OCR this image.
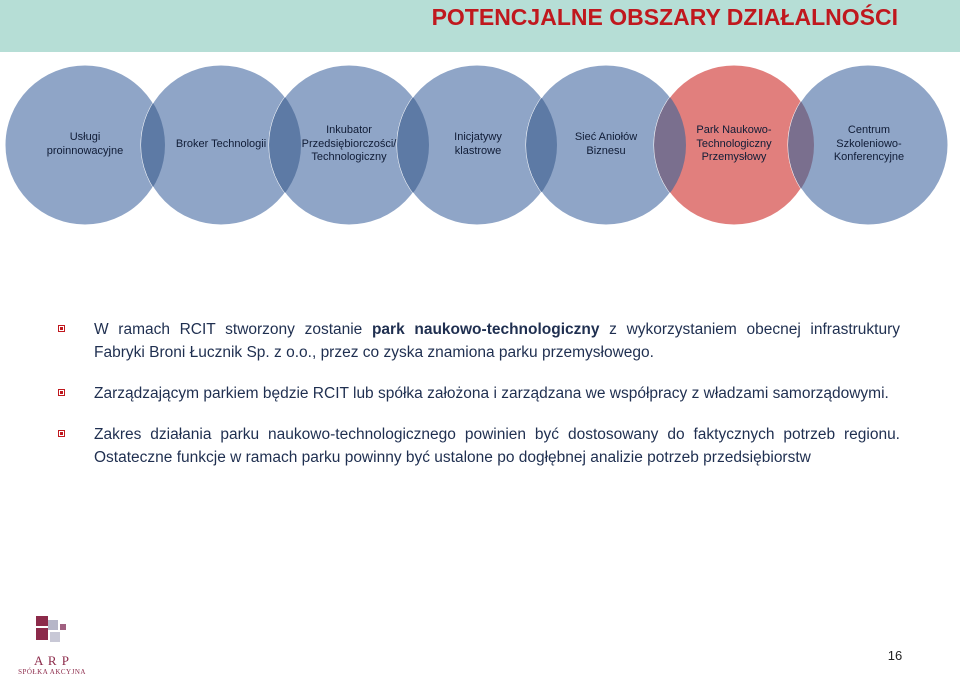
POTENCJALNE OBSZARY DZIAŁALNOŚCI
Usługi proinnowacyjne
Broker Technologii
Inkubator Przedsiębiorczości/ Technologiczny
Inicjatywy klastrowe
Sieć Aniołów Biznesu
Park Naukowo-Technologiczny Przemysłowy
Centrum Szkoleniowo-Konferencyjne
W ramach RCIT stworzony zostanie park naukowo-technologiczny z wykorzystaniem obecnej infrastruktury Fabryki Broni Łucznik Sp. z o.o., przez co zyska znamiona parku przemysłowego.
Zarządzającym parkiem będzie RCIT lub spółka założona i zarządzana we współpracy z władzami samorządowymi.
Zakres działania parku naukowo-technologicznego powinien być dostosowany do faktycznych potrzeb regionu. Ostateczne funkcje w ramach parku powinny być ustalone po dogłębnej analizie potrzeb przedsiębiorstw
A R P
SPÓŁKA AKCYJNA
16
